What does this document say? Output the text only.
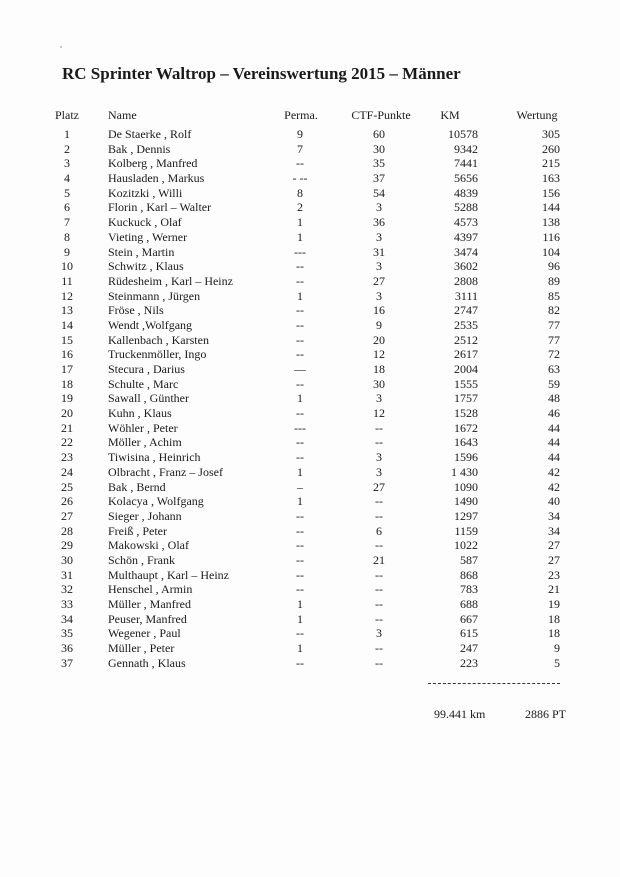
RC Sprinter Waltrop – Vereinswertung 2015 – Männer
Platz Name	Perma.	CTF-Punkte	KM	Wertung
1	De Staerke , Rolf	9	60	10578	305
2	Bak , Dennis	7	30	9342	260
3	Kolberg , Manfred	--	35	7441	215
4	Hausladen , Markus	- --	37	5656	163
5	Kozitzki , Willi	8	54	4839	156
6	Florin , Karl – Walter	2	3	5288	144
7	Kuckuck , Olaf	1	36	4573	138
8	Vieting , Werner	1	3	4397	116
9	Stein , Martin	---	31	3474	104
10	Schwitz , Klaus	--	3	3602	96
11	Rüdesheim , Karl – Heinz	--	27	2808	89
12	Steinmann , Jürgen	1	3	3111	85
13	Fröse , Nils	--	16	2747	82
14	Wendt ,Wolfgang	--	9	2535	77
15	Kallenbach , Karsten	--	20	2512	77
16	Truckenmöller, Ingo	--	12	2617	72
17	Stecura , Darius	—	18	2004	63
18	Schulte , Marc	--	30	1555	59
19	Sawall , Günther	1	3	1757	48
20	Kuhn , Klaus	--	12	1528	46
21	Wöhler , Peter	---	--	1672	44
22	Möller , Achim	--	--	1643	44
23	Tiwisina , Heinrich	--	3	1596	44
24	Olbracht , Franz – Josef	1	3	1 430	42
25	Bak , Bernd	–	27	1090	42
26	Kolacya , Wolfgang	1	--	1490	40
27	Sieger , Johann	--	--	1297	34
28	Freiß , Peter	--	6	1159	34
29	Makowski , Olaf	--	--	1022	27
30	Schön , Frank	--	21	587	27
31	Multhaupt , Karl – Heinz	--	--	868	23
32	Henschel , Armin	--	--	783	21
33	Müller , Manfred	1	--	688	19
34	Peuser, Manfred	1	--	667	18
35	Wegener , Paul	--	3	615	18
36	Müller , Peter	1	--	247	9
37	Gennath , Klaus	--	--	223	5
99.441 km	2886 PT
